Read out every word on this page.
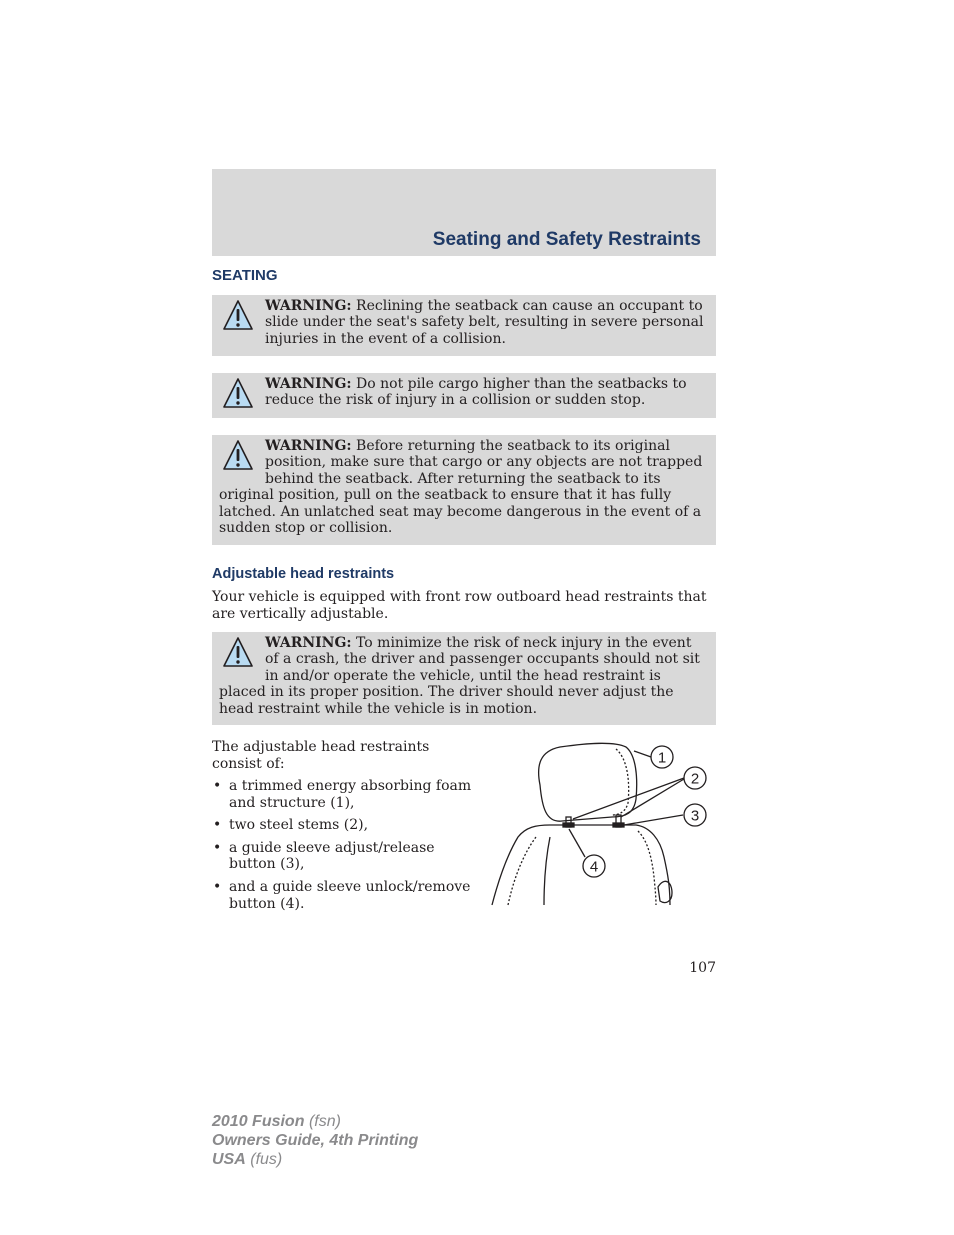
Seating and Safety Restraints
SEATING
WARNING: Reclining the seatback can cause an occupant to slide under the seat's safety belt, resulting in severe personal injuries in the event of a collision.
WARNING: Do not pile cargo higher than the seatbacks to reduce the risk of injury in a collision or sudden stop.
WARNING: Before returning the seatback to its original position, make sure that cargo or any objects are not trapped behind the seatback. After returning the seatback to its original position, pull on the seatback to ensure that it has fully latched. An unlatched seat may become dangerous in the event of a sudden stop or collision.
Adjustable head restraints

Your vehicle is equipped with front row outboard head restraints that are vertically adjustable.

WARNING: To minimize the risk of neck injury in the event of a crash, the driver and passenger occupants should not sit in and/or operate the vehicle, until the head restraint is placed in its proper position. The driver should never adjust the head restraint while the vehicle is in motion.

The adjustable head restraints consist of:

• a trimmed energy absorbing foam and structure (1),
• two steel stems (2),
• a guide sleeve adjust/release button (3),
• and a guide sleeve unlock/remove button (4).
1
2
3
4

107

2010 Fusion (fsn)
Owners Guide, 4th Printing
USA (fus)
